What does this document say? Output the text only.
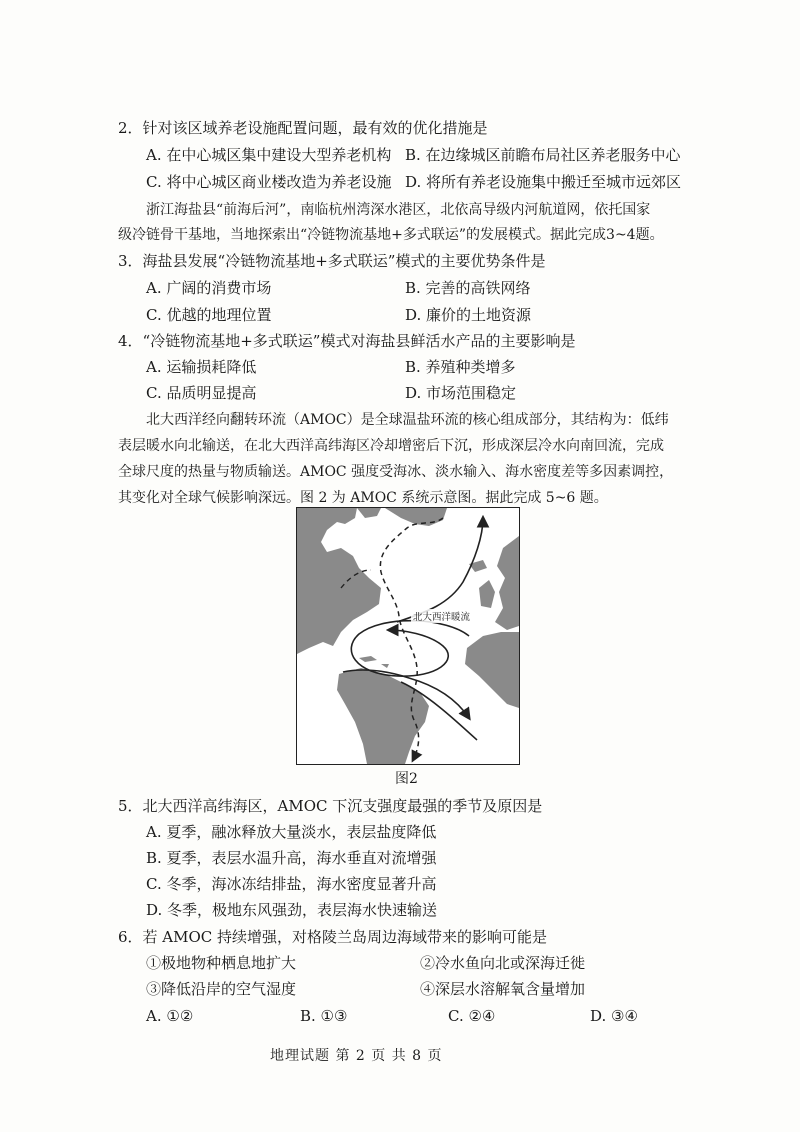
2．针对该区域养老设施配置问题，最有效的优化措施是
A. 在中心城区集中建设大型养老机构 B. 在边缘城区前瞻布局社区养老服务中心
C. 将中心城区商业楼改造为养老设施 D. 将所有养老设施集中搬迁至城市远郊区
浙江海盐县“前海后河”，南临杭州湾深水港区，北依高导级内河航道网，依托国家
级冷链骨干基地，当地探索出“冷链物流基地+多式联运”的发展模式。据此完成3~4题。
3．海盐县发展“冷链物流基地+多式联运”模式的主要优势条件是
A. 广阔的消费市场	B. 完善的高铁网络
C. 优越的地理位置	D. 廉价的土地资源
4．“冷链物流基地+多式联运”模式对海盐县鲜活水产品的主要影响是
A. 运输损耗降低	B. 养殖种类增多
C. 品质明显提高	D. 市场范围稳定
北大西洋经向翻转环流（AMOC）是全球温盐环流的核心组成部分，其结构为：低纬
表层暖水向北输送，在北大西洋高纬海区冷却增密后下沉，形成深层冷水向南回流，完成
全球尺度的热量与物质输送。AMOC 强度受海冰、淡水输入、海水密度差等多因素调控，
其变化对全球气候影响深远。图 2 为 AMOC 系统示意图。据此完成 5~6 题。
北大西洋暖流
图2
5．北大西洋高纬海区，AMOC 下沉支强度最强的季节及原因是
A. 夏季，融冰释放大量淡水，表层盐度降低
B. 夏季，表层水温升高，海水垂直对流增强
C. 冬季，海冰冻结排盐，海水密度显著升高
D. 冬季，极地东风强劲，表层海水快速输送
6．若 AMOC 持续增强，对格陵兰岛周边海域带来的影响可能是
①极地物种栖息地扩大	②冷水鱼向北或深海迁徙
③降低沿岸的空气湿度	④深层水溶解氧含量增加
A. ①②	B. ①③	C. ②④	D. ③④
地理试题 第 2 页 共 8 页
